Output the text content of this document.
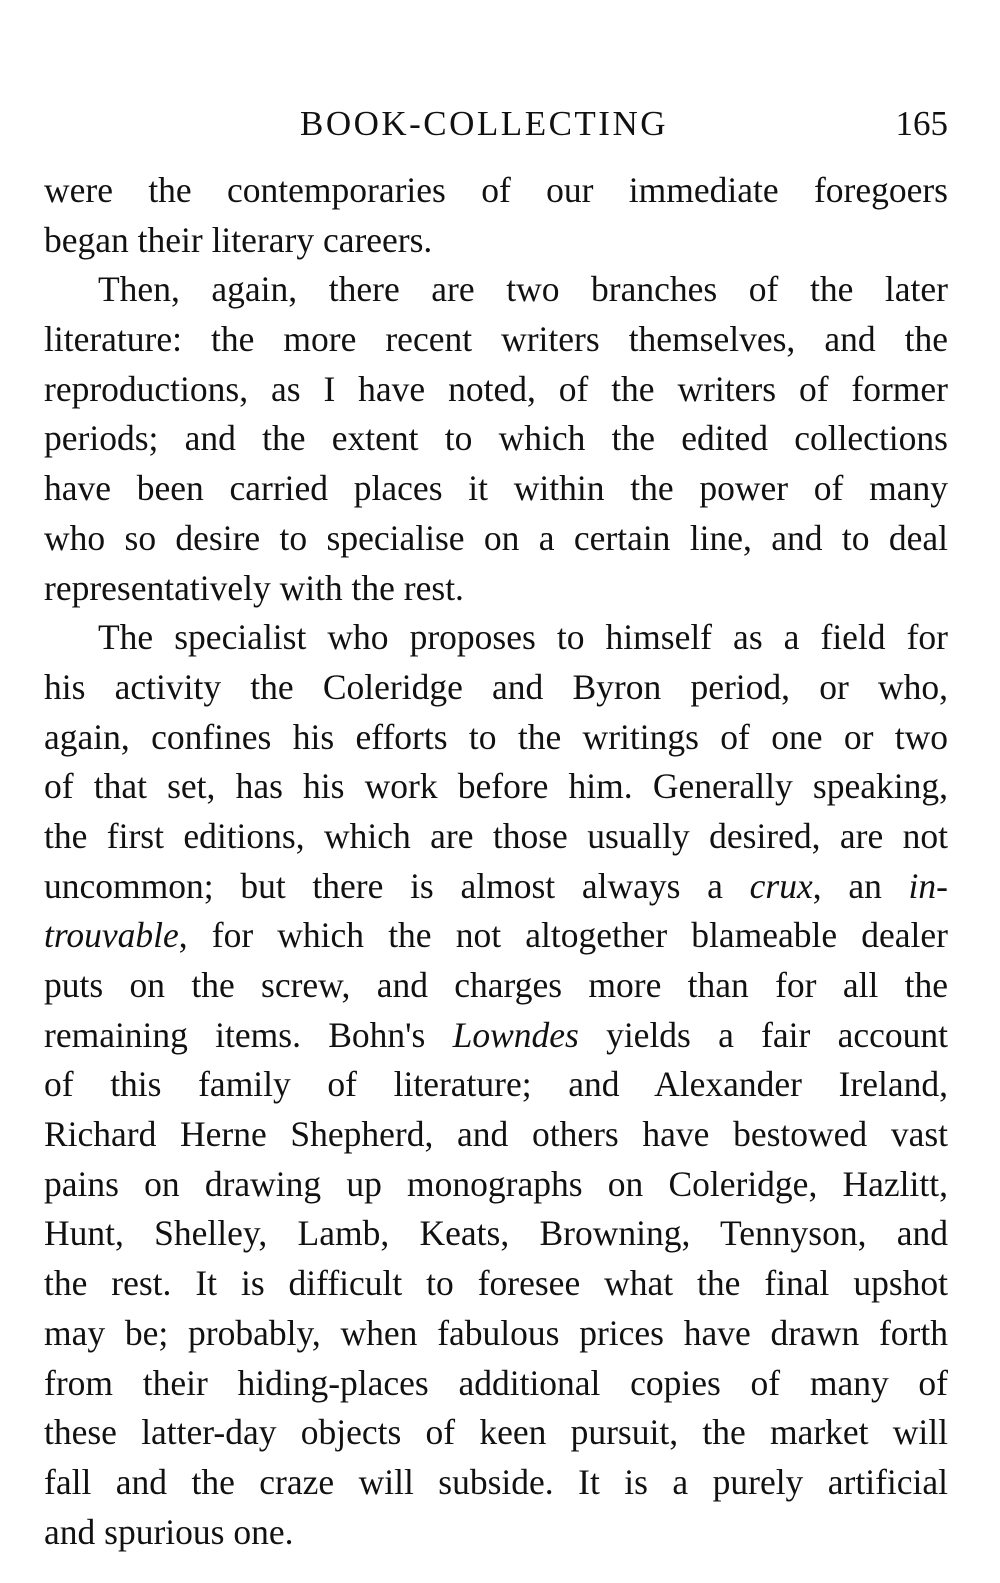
BOOK-COLLECTING	165
were the contemporaries of our immediate foregoers
began their literary careers.
Then, again, there are two branches of the later
literature: the more recent writers themselves, and the
reproductions, as I have noted, of the writers of former
periods; and the extent to which the edited collections
have been carried places it within the power of many
who so desire to specialise on a certain line, and to deal
representatively with the rest.
The specialist who proposes to himself as a field for
his activity the Coleridge and Byron period, or who,
again, confines his efforts to the writings of one or two
of that set, has his work before him. Generally speaking,
the first editions, which are those usually desired, are not
uncommon; but there is almost always a crux, an in-
trouvable, for which the not altogether blameable dealer
puts on the screw, and charges more than for all the
remaining items. Bohn's Lowndes yields a fair account
of this family of literature; and Alexander Ireland,
Richard Herne Shepherd, and others have bestowed vast
pains on drawing up monographs on Coleridge, Hazlitt,
Hunt, Shelley, Lamb, Keats, Browning, Tennyson, and
the rest. It is difficult to foresee what the final upshot
may be; probably, when fabulous prices have drawn forth
from their hiding-places additional copies of many of
these latter-day objects of keen pursuit, the market will
fall and the craze will subside. It is a purely artificial
and spurious one.
